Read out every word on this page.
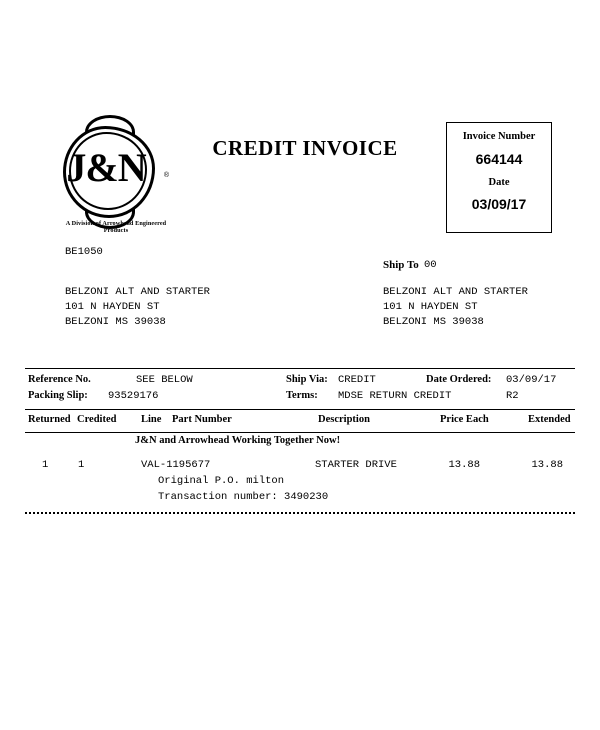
J&N	®
A Division of Arrowhead Engineered Products
CREDIT INVOICE	Invoice Number
664144
Date
03/09/17
BE1050
BELZONI ALT AND STARTER
101 N HAYDEN ST
BELZONI MS 39038
Ship To 00
BELZONI ALT AND STARTER
101 N HAYDEN ST
BELZONI MS 39038
Reference No.	SEE BELOW	Ship Via: CREDIT	Date Ordered: 03/09/17
Packing Slip: 93529176	Terms: MDSE RETURN CREDIT	R2
Returned Credited Line Part Number	Description	Price Each	Extended
J&N and Arrowhead Working Together Now!
1	1	VAL-1195677	STARTER DRIVE	13.88	13.88
Original P.O. milton
Transaction number: 3490230
